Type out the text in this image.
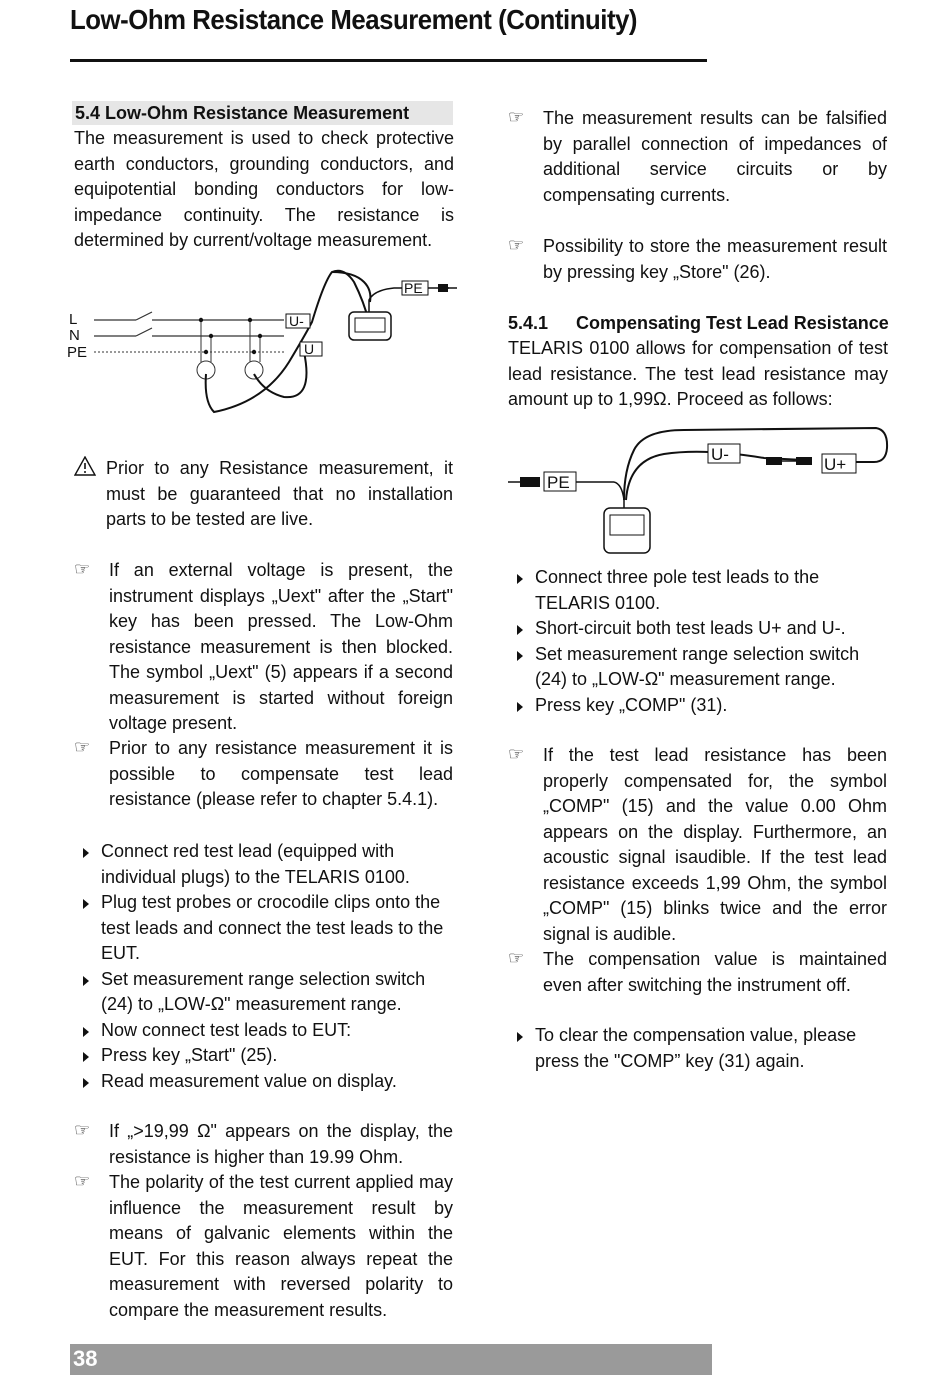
Low-Ohm Resistance Measurement (Continuity)
5.4 Low-Ohm Resistance Measurement
The measurement is used to check protective earth conductors, grounding conductors, and equipotential bonding conductors for low-impedance continuity. The resistance is determined by current/voltage measurement.
L
N
PE
U-
U
PE
Prior to any Resistance measurement, it must be guaranteed that no installation parts to be tested are live.
☞ If an external voltage is present, the instrument displays „Uext" after the „Start" key has been pressed. The Low-Ohm resistance measurement is then blocked. The symbol „Uext" (5) appears if a second measurement is started without foreign voltage present.
☞ Prior to any resistance measurement it is possible to compensate test lead resistance (please refer to chapter 5.4.1).
Connect red test lead (equipped with individual plugs) to the TELARIS 0100.
Plug test probes or crocodile clips onto the test leads and connect the test leads to the EUT.
Set measurement range selection switch (24) to „LOW-Ω" measurement range.
Now connect test leads to EUT:
Press key „Start" (25).
Read measurement value on display.
☞ If „>19,99 Ω" appears on the display, the resistance is higher than 19.99 Ohm.
☞ The polarity of the test current applied may influence the measurement result by means of galvanic elements within the EUT. For this reason always repeat the measurement with reversed polarity to compare the measurement results.
☞ The measurement results can be falsified by parallel connection of impedances of additional service circuits or by compensating currents.
☞ Possibility to store the measurement result by pressing key „Store" (26).
5.4.1 Compensating Test Lead Resistance
TELARIS 0100 allows for compensation of test lead resistance. The test lead resistance may amount up to 1,99Ω. Proceed as follows:
PE
U-
U+
Connect three pole test leads to the TELARIS 0100.
Short-circuit both test leads U+ and U-.
Set measurement range selection switch (24) to „LOW-Ω" measurement range.
Press key „COMP" (31).
☞ If the test lead resistance has been properly compensated for, the symbol „COMP" (15) and the value 0.00 Ohm appears on the display. Furthermore, an acoustic signal isaudible. If the test lead resistance exceeds 1,99 Ohm, the symbol „COMP" (15) blinks twice and the error signal is audible.
☞ The compensation value is maintained even after switching the instrument off.
To clear the compensation value, please press the "COMP” key (31) again.
38
